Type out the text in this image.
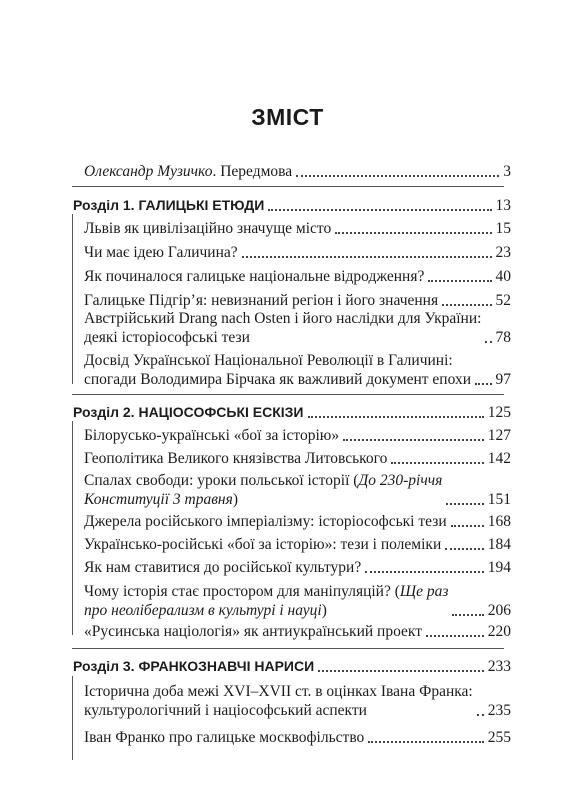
ЗМІСТ
Олександр Музичко. Передмова	3
Розділ 1. ГАЛИЦЬКІ ЕТЮДИ	13
Львів як цивілізаційно значуще місто	15
Чи має ідею Галичина?	23
Як починалося галицьке національне відродження?	40
Галицьке Підгір’я: невизнаний регіон і його значення	52
Австрійський Drang nach Osten і його наслідки для України:
деякі історіософські тези	78
Досвід Української Національної Революції в Галичині:
спогади Володимира Бірчака як важливий документ епохи 97
Розділ 2. НАЦІОСОФСЬКІ ЕСКІЗИ	125
Білорусько-українські «бої за історію»	127
Геополітика Великого князівства Литовського	142
Спалах свободи: уроки польської історії (До 230-річчя
Конституції 3 травня)	151
Джерела російського імперіалізму: історіософські тези	168
Українсько-російські «бої за історію»: тези і полеміки	184
Як нам ставитися до російської культури?	194
Чому історія стає простором для маніпуляцій? (Ще раз
про неоліберализм в культурі і науці)	206
«Русинська націологія» як антиукраїнський проект	220
Розділ 3. ФРАНКОЗНАВЧІ НАРИСИ	233
Історична доба межі XVI–XVII ст. в оцінках Івана Франка:
культурологічний і націософський аспекти	235
Іван Франко про галицьке москвофільство	255
